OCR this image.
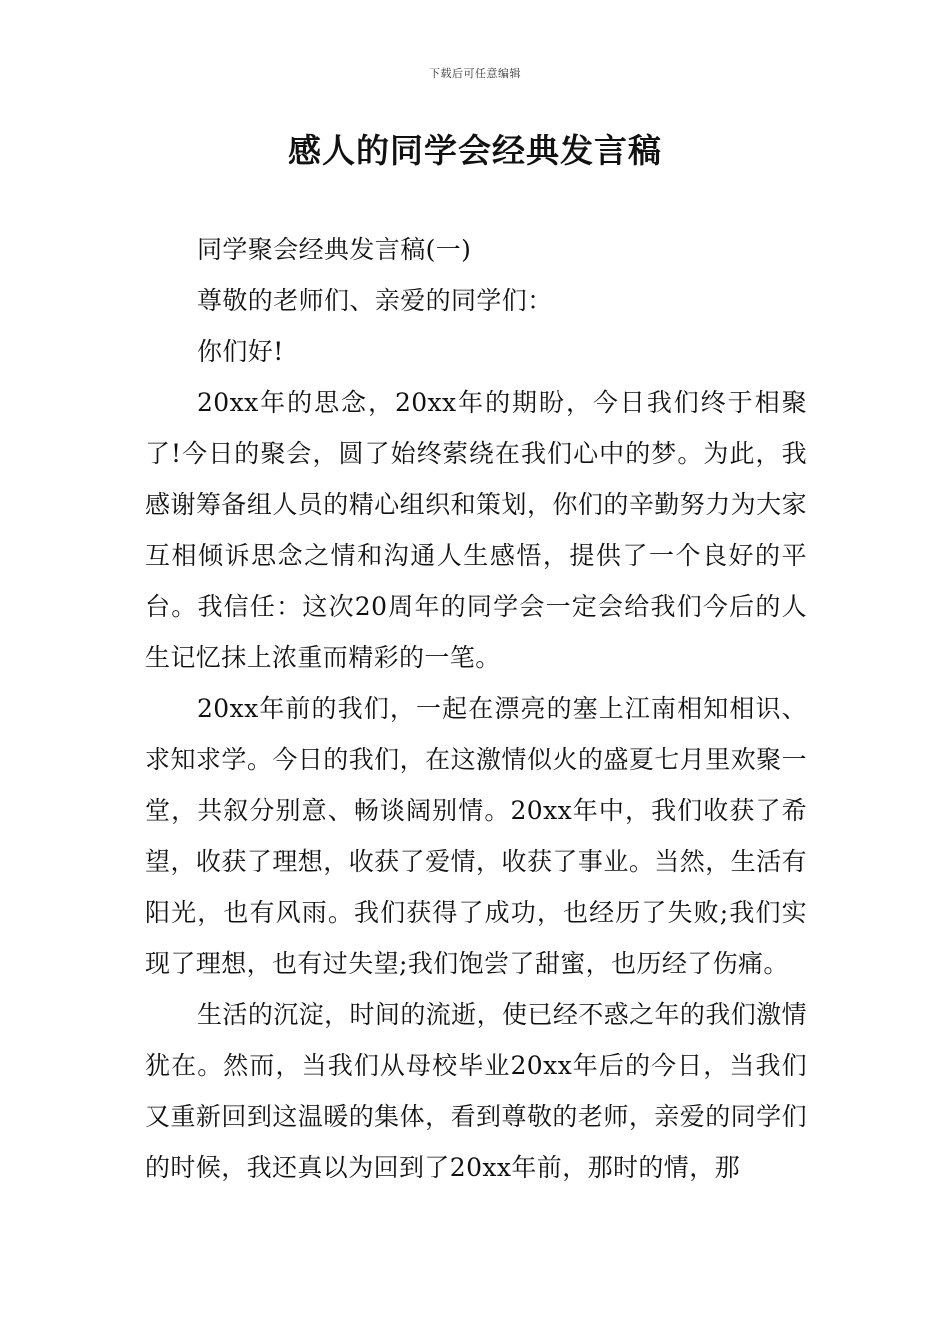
下载后可任意编辑
感人的同学会经典发言稿

同学聚会经典发言稿(一)

尊敬的老师们、亲爱的同学们：

你们好!

20xx年的思念，20xx年的期盼，今日我们终于相聚了!今日的聚会，圆了始终萦绕在我们心中的梦。为此，我感谢筹备组人员的精心组织和策划，你们的辛勤努力为大家互相倾诉思念之情和沟通人生感悟，提供了一个良好的平台。我信任：这次20周年的同学会一定会给我们今后的人生记忆抹上浓重而精彩的一笔。

20xx年前的我们，一起在漂亮的塞上江南相知相识、求知求学。今日的我们，在这激情似火的盛夏七月里欢聚一堂，共叙分别意、畅谈阔别情。20xx年中，我们收获了希望，收获了理想，收获了爱情，收获了事业。当然，生活有阳光，也有风雨。我们获得了成功，也经历了失败;我们实现了理想，也有过失望;我们饱尝了甜蜜，也历经了伤痛。

生活的沉淀，时间的流逝，使已经不惑之年的我们激情犹在。然而，当我们从母校毕业20xx年后的今日，当我们又重新回到这温暖的集体，看到尊敬的老师，亲爱的同学们的时候，我还真以为回到了20xx年前，那时的情，那
